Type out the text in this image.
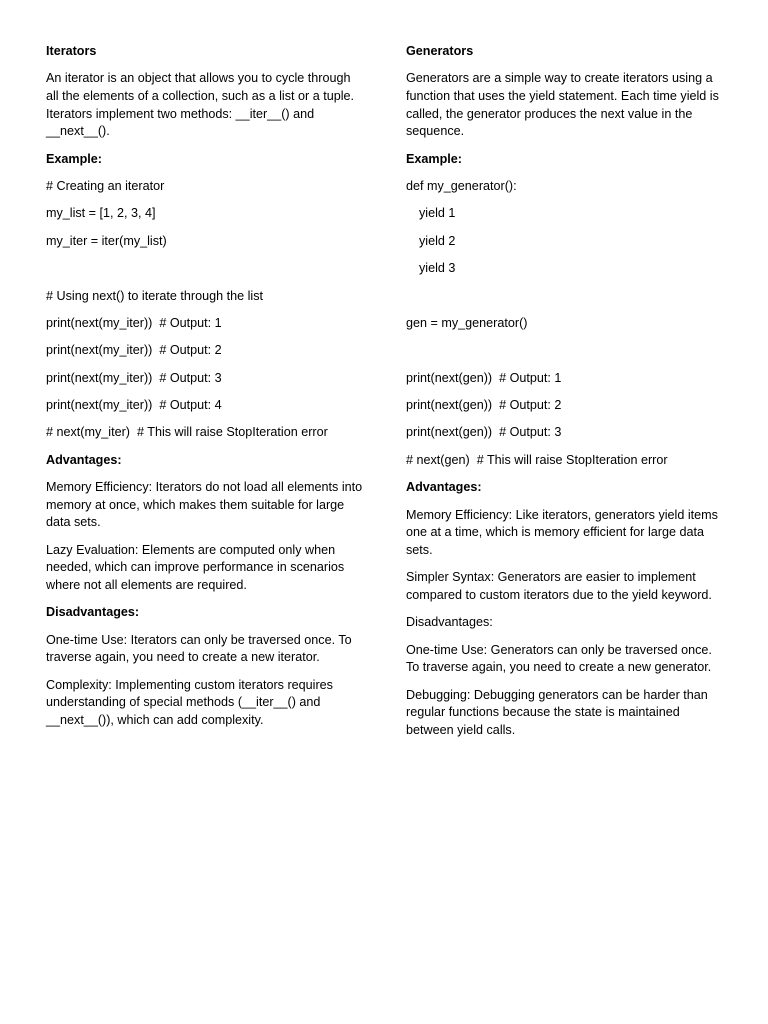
Iterators

An iterator is an object that allows you to cycle through all the elements of a collection, such as a list or a tuple. Iterators implement two methods: __iter__() and __next__().

Example:

# Creating an iterator

my_list = [1, 2, 3, 4]

my_iter = iter(my_list)

# Using next() to iterate through the list

print(next(my_iter))  # Output: 1

print(next(my_iter))  # Output: 2

print(next(my_iter))  # Output: 3

print(next(my_iter))  # Output: 4

# next(my_iter)  # This will raise StopIteration error

Advantages:

Memory Efficiency: Iterators do not load all elements into memory at once, which makes them suitable for large data sets.

Lazy Evaluation: Elements are computed only when needed, which can improve performance in scenarios where not all elements are required.

Disadvantages:

One-time Use: Iterators can only be traversed once. To traverse again, you need to create a new iterator.

Complexity: Implementing custom iterators requires understanding of special methods (__iter__() and __next__()), which can add complexity.

Generators

Generators are a simple way to create iterators using a function that uses the yield statement. Each time yield is called, the generator produces the next value in the sequence.

Example:

def my_generator():

yield 1

yield 2

yield 3

gen = my_generator()

print(next(gen))  # Output: 1

print(next(gen))  # Output: 2

print(next(gen))  # Output: 3

# next(gen)  # This will raise StopIteration error

Advantages:

Memory Efficiency: Like iterators, generators yield items one at a time, which is memory efficient for large data sets.

Simpler Syntax: Generators are easier to implement compared to custom iterators due to the yield keyword.

Disadvantages:

One-time Use: Generators can only be traversed once. To traverse again, you need to create a new generator.

Debugging: Debugging generators can be harder than regular functions because the state is maintained between yield calls.
